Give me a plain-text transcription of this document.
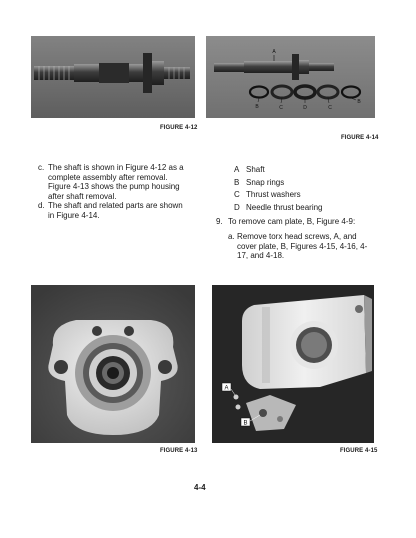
FIGURE 4-12
A
B	C	D	C
B
FIGURE 4-14
c. The shaft is shown in Figure 4-12 as a complete assembly after removal. Figure 4-13 shows the pump housing after shaft removal.
d. The shaft and related parts are shown in Figure 4-14.
A Shaft
B Snap rings
C Thrust washers
D Needle thrust bearing
9. To remove cam plate, B, Figure 4-9:
a. Remove torx head screws, A, and cover plate, B, Figures 4-15, 4-16, 4-17, and 4-18.
FIGURE 4-13
A
B
FIGURE 4-15
4-4
